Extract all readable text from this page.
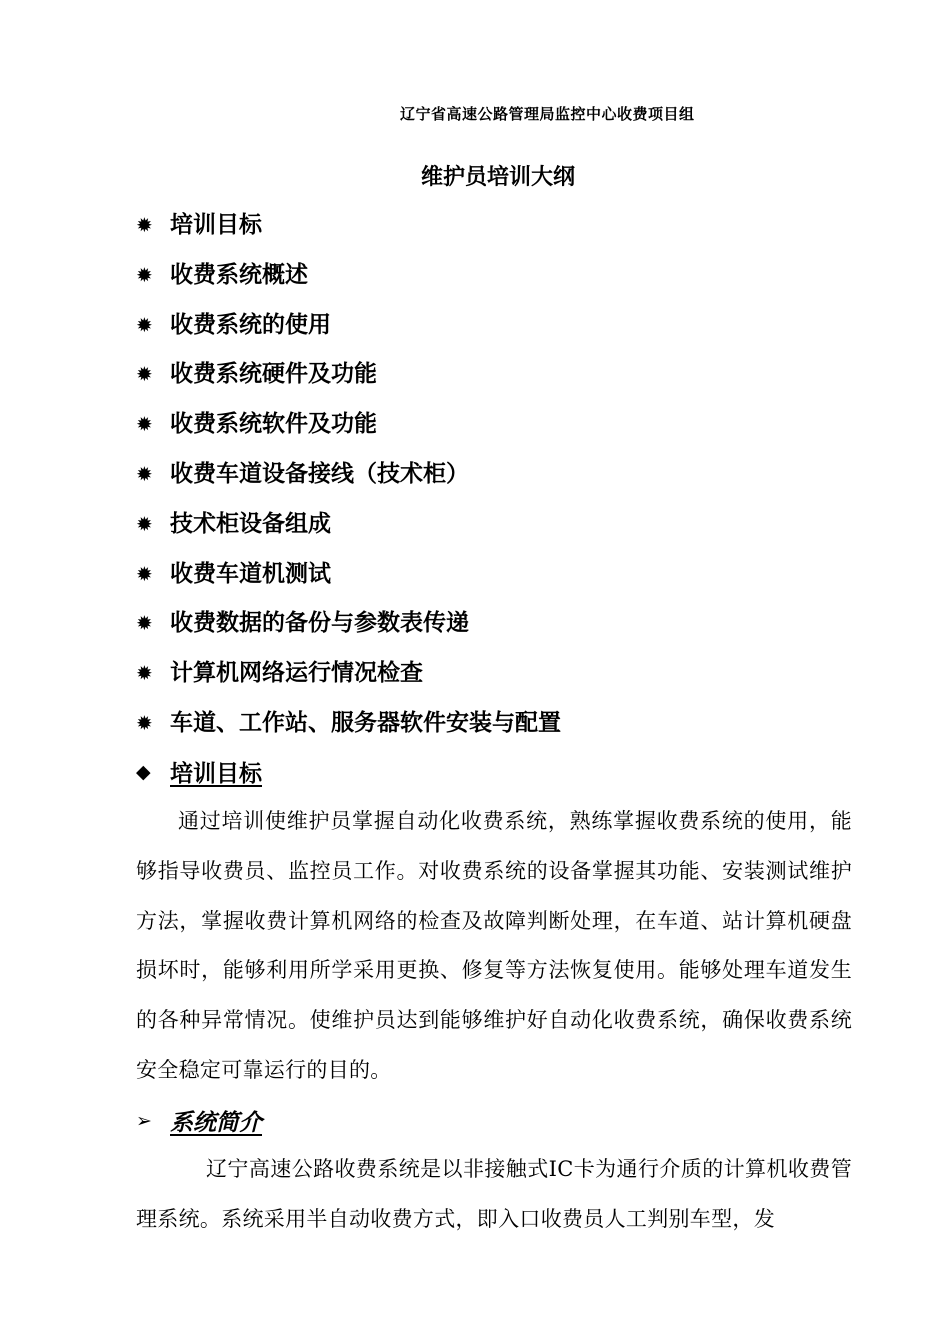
辽宁省高速公路管理局监控中心收费项目组
维护员培训大纲
✹ 培训目标
✹ 收费系统概述
✹ 收费系统的使用
✹ 收费系统硬件及功能
✹ 收费系统软件及功能
✹ 收费车道设备接线（技术柜）
✹ 技术柜设备组成
✹ 收费车道机测试
✹ 收费数据的备份与参数表传递
✹ 计算机网络运行情况检查
✹ 车道、工作站、服务器软件安装与配置
◆ 培训目标

通过培训使维护员掌握自动化收费系统，熟练掌握收费系统的使用，能够指导收费员、监控员工作。对收费系统的设备掌握其功能、安装测试维护方法，掌握收费计算机网络的检查及故障判断处理，在车道、站计算机硬盘损坏时，能够利用所学采用更换、修复等方法恢复使用。能够处理车道发生的各种异常情况。使维护员达到能够维护好自动化收费系统，确保收费系统安全稳定可靠运行的目的。

➢ 系统简介

辽宁高速公路收费系统是以非接触式IC卡为通行介质的计算机收费管理系统。系统采用半自动收费方式，即入口收费员人工判别车型，发
